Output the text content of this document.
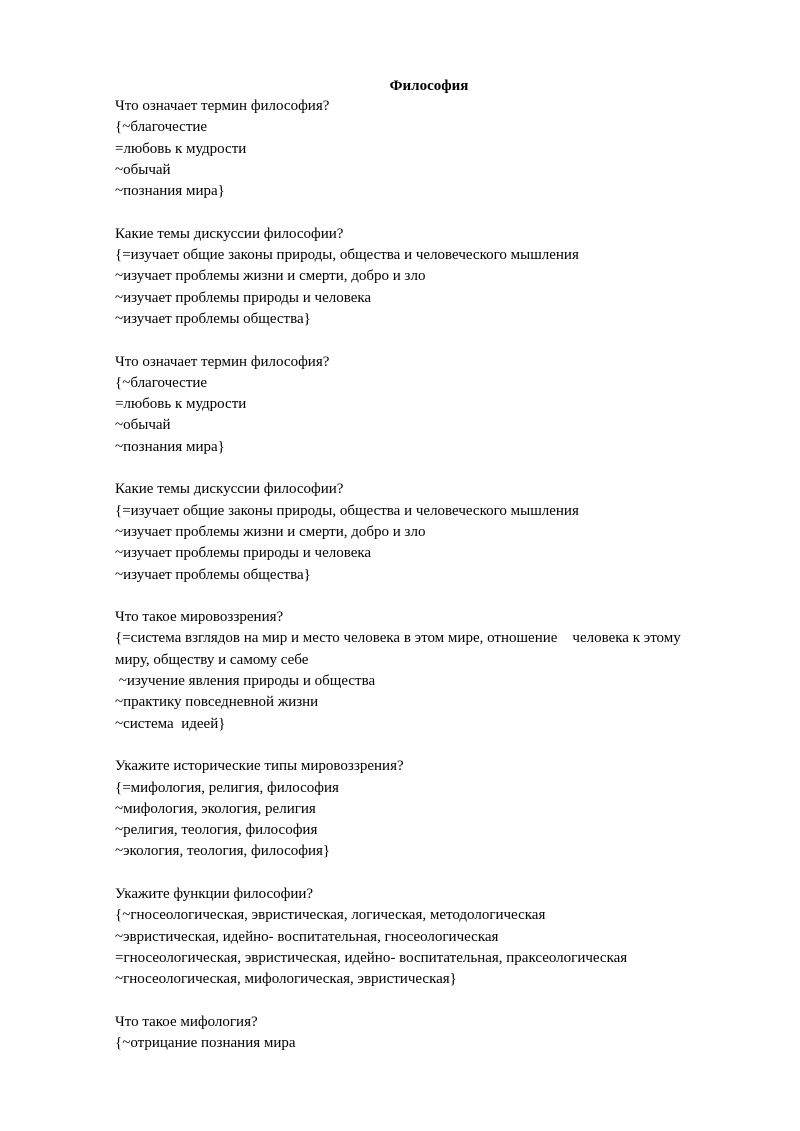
Философия
Что означает термин философия?
{~благочестие
=любовь к мудрости
~обычай
~познания мира}
Какие темы дискуссии философии?
{=изучает общие законы природы, общества и человеческого мышления
~изучает проблемы жизни и смерти, добро и зло
~изучает проблемы природы и человека
~изучает проблемы общества}
Что означает термин философия?
{~благочестие
=любовь к мудрости
~обычай
~познания мира}
Какие темы дискуссии философии?
{=изучает общие законы природы, общества и человеческого мышления
~изучает проблемы жизни и смерти, добро и зло
~изучает проблемы природы и человека
~изучает проблемы общества}
Что такое мировоззрения?
{=система взглядов на мир и место человека в этом мире, отношение    человека к этому
миру, обществу и самому себе
~изучение явления природы и общества
~практику повседневной жизни
~система  идеей}
Укажите исторические типы мировоззрения?
{=мифология, религия, философия
~мифология, экология, религия
~религия, теология, философия
~экология, теология, философия}
Укажите функции философии?
{~гносеологическая, эвристическая, логическая, методологическая
~эвристическая, идейно- воспитательная, гносеологическая
=гносеологическая, эвристическая, идейно- воспитательная, праксеологическая
~гносеологическая, мифологическая, эвристическая}
Что такое мифология?
{~отрицание познания мира
